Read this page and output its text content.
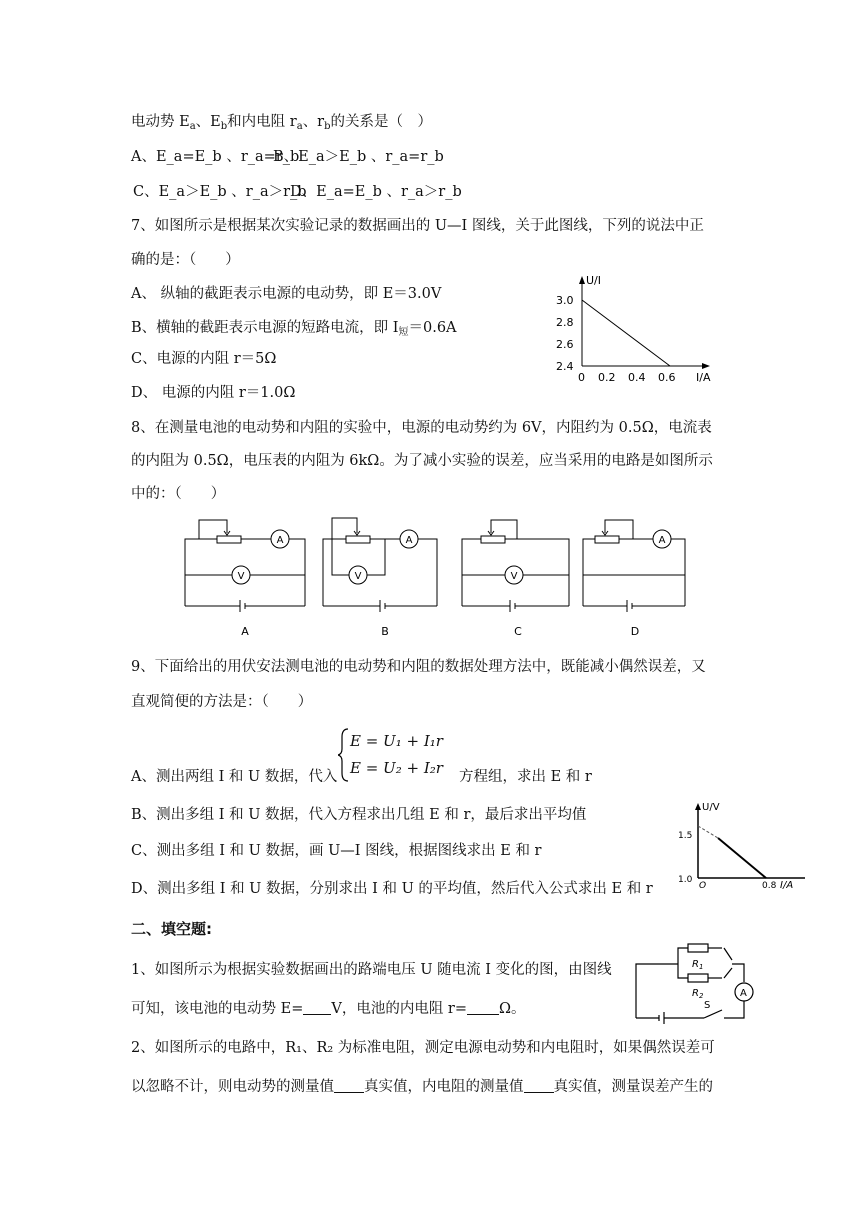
电动势 $E_a$、$E_b$和内电阻 $r_a$、$r_b$的关系是（　）
A、E_a=E_b 、r_a=r_b
B、E_a＞E_b 、r_a=r_b
C、E_a＞E_b 、r_a＞r_b
D、E_a=E_b 、r_a＞r_b
7、如图所示是根据某次实验记录的数据画出的 U—I 图线，关于此图线，下列的说法中正
确的是：（　　）
A、 纵轴的截距表示电源的电动势，即 E＝3.0V
B、横轴的截距表示电源的短路电流，即 $I_短=0.6A$
C、电源的内阻 r＝5Ω
D、 电源的内阻 r＝1.0Ω
U/I
3.0
2.8
2.6
2.4
0 0.2 0.4 0.6 I/A
8、在测量电池的电动势和内阻的实验中，电源的电动势约为 6V，内阻约为 0.5Ω，电流表
的内阻为 0.5Ω，电压表的内阻为 6kΩ。为了减小实验的误差，应当采用的电路是如图所示
中的：（　　）
A
V
A
V	V
A
A	B	C	D
9、下面给出的用伏安法测电池的电动势和内阻的数据处理方法中，既能减小偶然误差，又
直观简便的方法是：（　　）
E = U₁ + I₁r
E = U₂ + I₂r
A、测出两组 I 和 U 数据，代入	方程组，求出 E 和 r
B、测出多组 I 和 U 数据，代入方程求出几组 E 和 r，最后求出平均值
C、测出多组 I 和 U 数据，画 U—I 图线，根据图线求出 E 和 r
D、测出多组 I 和 U 数据，分别求出 I 和 U 的平均值，然后代入公式求出 E 和 r
U/V
1.5
1.0
O	0.8 I/A
二、填空题:
1、如图所示为根据实验数据画出的路端电压 U 随电流 I 变化的图，由图线
可知，该电池的电动势 E= V，电池的内电阻 r= Ω。
$R_1$
$R_2$
S
A
2、如图所示的电路中，R₁、R₂ 为标准电阻，测定电源电动势和内电阻时，如果偶然误差可
以忽略不计，则电动势的测量值 真实值，内电阻的测量值 真实值，测量误差产生的
